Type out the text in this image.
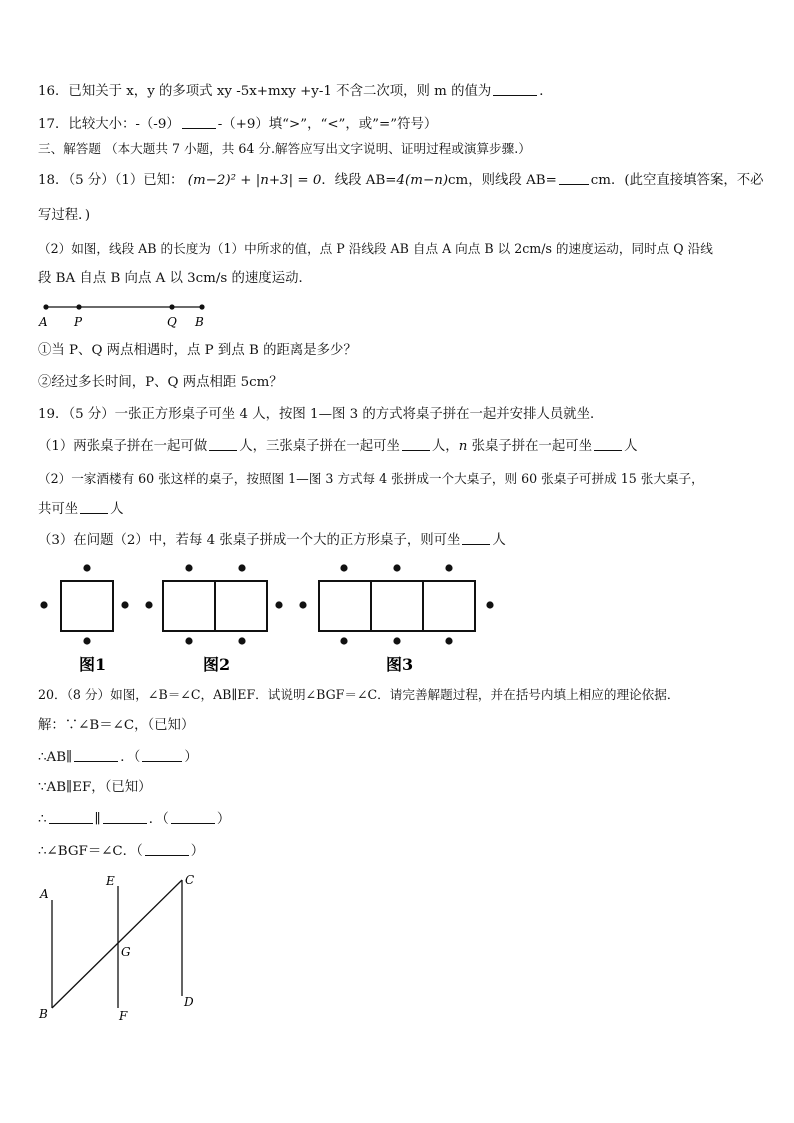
16．已知关于 x，y 的多项式 xy -5x+mxy +y-1 不含二次项，则 m 的值为	．
17．比较大小：-（-9）	-（+9）填“>”，“<”，或”=”符号）
三、解答题 （本大题共 7 小题，共 64 分.解答应写出文字说明、证明过程或演算步骤.）
18．（5 分）（1）已知： (m−2)² + |n+3| = 0．线段 AB=4(m−n)cm，则线段 AB=	cm．(此空直接填答案，不必
写过程．)
（2）如图，线段 AB 的长度为（1）中所求的值，点 P 沿线段 AB 自点 A 向点 B 以 2cm/s 的速度运动，同时点 Q 沿线
段 BA 自点 B 向点 A 以 3cm/s 的速度运动．
A P	Q B
①当 P、Q 两点相遇时，点 P 到点 B 的距离是多少？
②经过多长时间，P、Q 两点相距 5cm？
19．（5 分）一张正方形桌子可坐 4 人，按图 1—图 3 的方式将桌子拼在一起并安排人员就坐．
（1）两张桌子拼在一起可做 人，三张桌子拼在一起可坐 人，n 张桌子拼在一起可坐 人
（2）一家酒楼有 60 张这样的桌子，按照图 1—图 3 方式每 4 张拼成一个大桌子，则 60 张桌子可拼成 15 张大桌子，
共可坐 人
（3）在问题（2）中，若每 4 张桌子拼成一个大的正方形桌子，则可坐 人
图1	图2	图3
20．（8 分）如图，∠B＝∠C，AB∥EF．试说明∠BGF＝∠C．请完善解题过程，并在括号内填上相应的理论依据．
解：∵∠B＝∠C，（已知）
∴AB∥	．（	）
∵AB∥EF，（已知）
∴	∥	．（	）
∴∠BGF＝∠C．（	）
A
E	C
G
B	F
D
